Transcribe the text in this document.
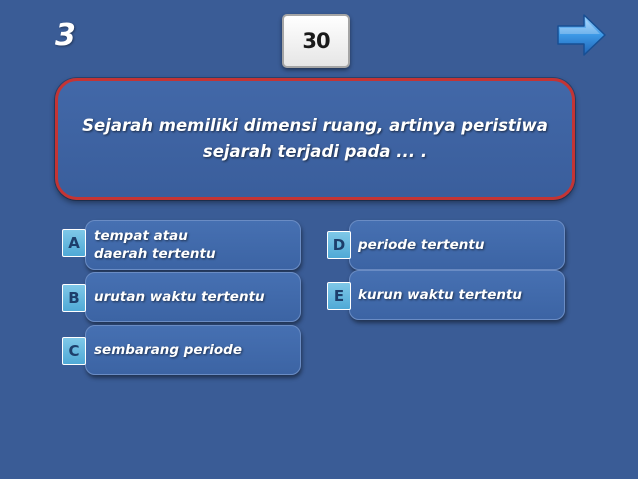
3	30
Sejarah memiliki dimensi ruang, artinya peristiwa sejarah terjadi pada ... .
tempat atau daerah tertentu
A
urutan waktu tertentu
B
sembarang periode
C
periode tertentu
D
kurun waktu tertentu
E
